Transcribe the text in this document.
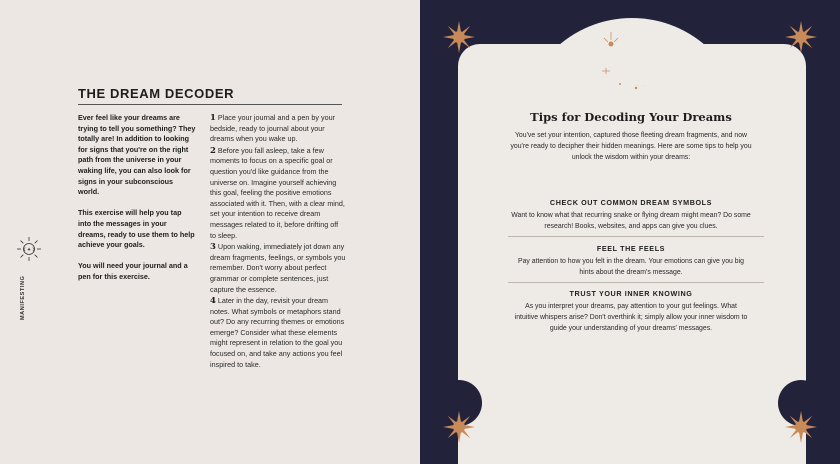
☾✦☽
MANIFESTING
THE DREAM DECODER

Ever feel like your dreams are trying to tell you something? They totally are! In addition to looking for signs that you're on the right path from the universe in your waking life, you can also look for signs in your subconscious world.

This exercise will help you tap into the messages in your dreams, ready to use them to help achieve your goals.

You will need your journal and a pen for this exercise.

1 Place your journal and a pen by your bedside, ready to journal about your dreams when you wake up.

2 Before you fall asleep, take a few moments to focus on a specific goal or question you'd like guidance from the universe on. Imagine yourself achieving this goal, feeling the positive emotions associated with it. Then, with a clear mind, set your intention to receive dream messages related to it, before drifting off to sleep.

3 Upon waking, immediately jot down any dream fragments, feelings, or symbols you remember. Don't worry about perfect grammar or complete sentences, just capture the essence.

4 Later in the day, revisit your dream notes. What symbols or metaphors stand out? Do any recurring themes or emotions emerge? Consider what these elements might represent in relation to the goal you focused on, and take any actions you feel inspired to take.

Tips for Decoding Your Dreams
You've set your intention, captured those fleeting dream fragments, and now you're ready to decipher their hidden meanings. Here are some tips to help you unlock the wisdom within your dreams:
CHECK OUT COMMON DREAM SYMBOLS
Want to know what that recurring snake or flying dream might mean? Do some research! Books, websites, and apps can give you clues.
FEEL THE FEELS
Pay attention to how you felt in the dream. Your emotions can give you big hints about the dream's message.
TRUST YOUR INNER KNOWING
As you interpret your dreams, pay attention to your gut feelings. What intuitive whispers arise? Don't overthink it; simply allow your inner wisdom to guide your understanding of your dreams' messages.
